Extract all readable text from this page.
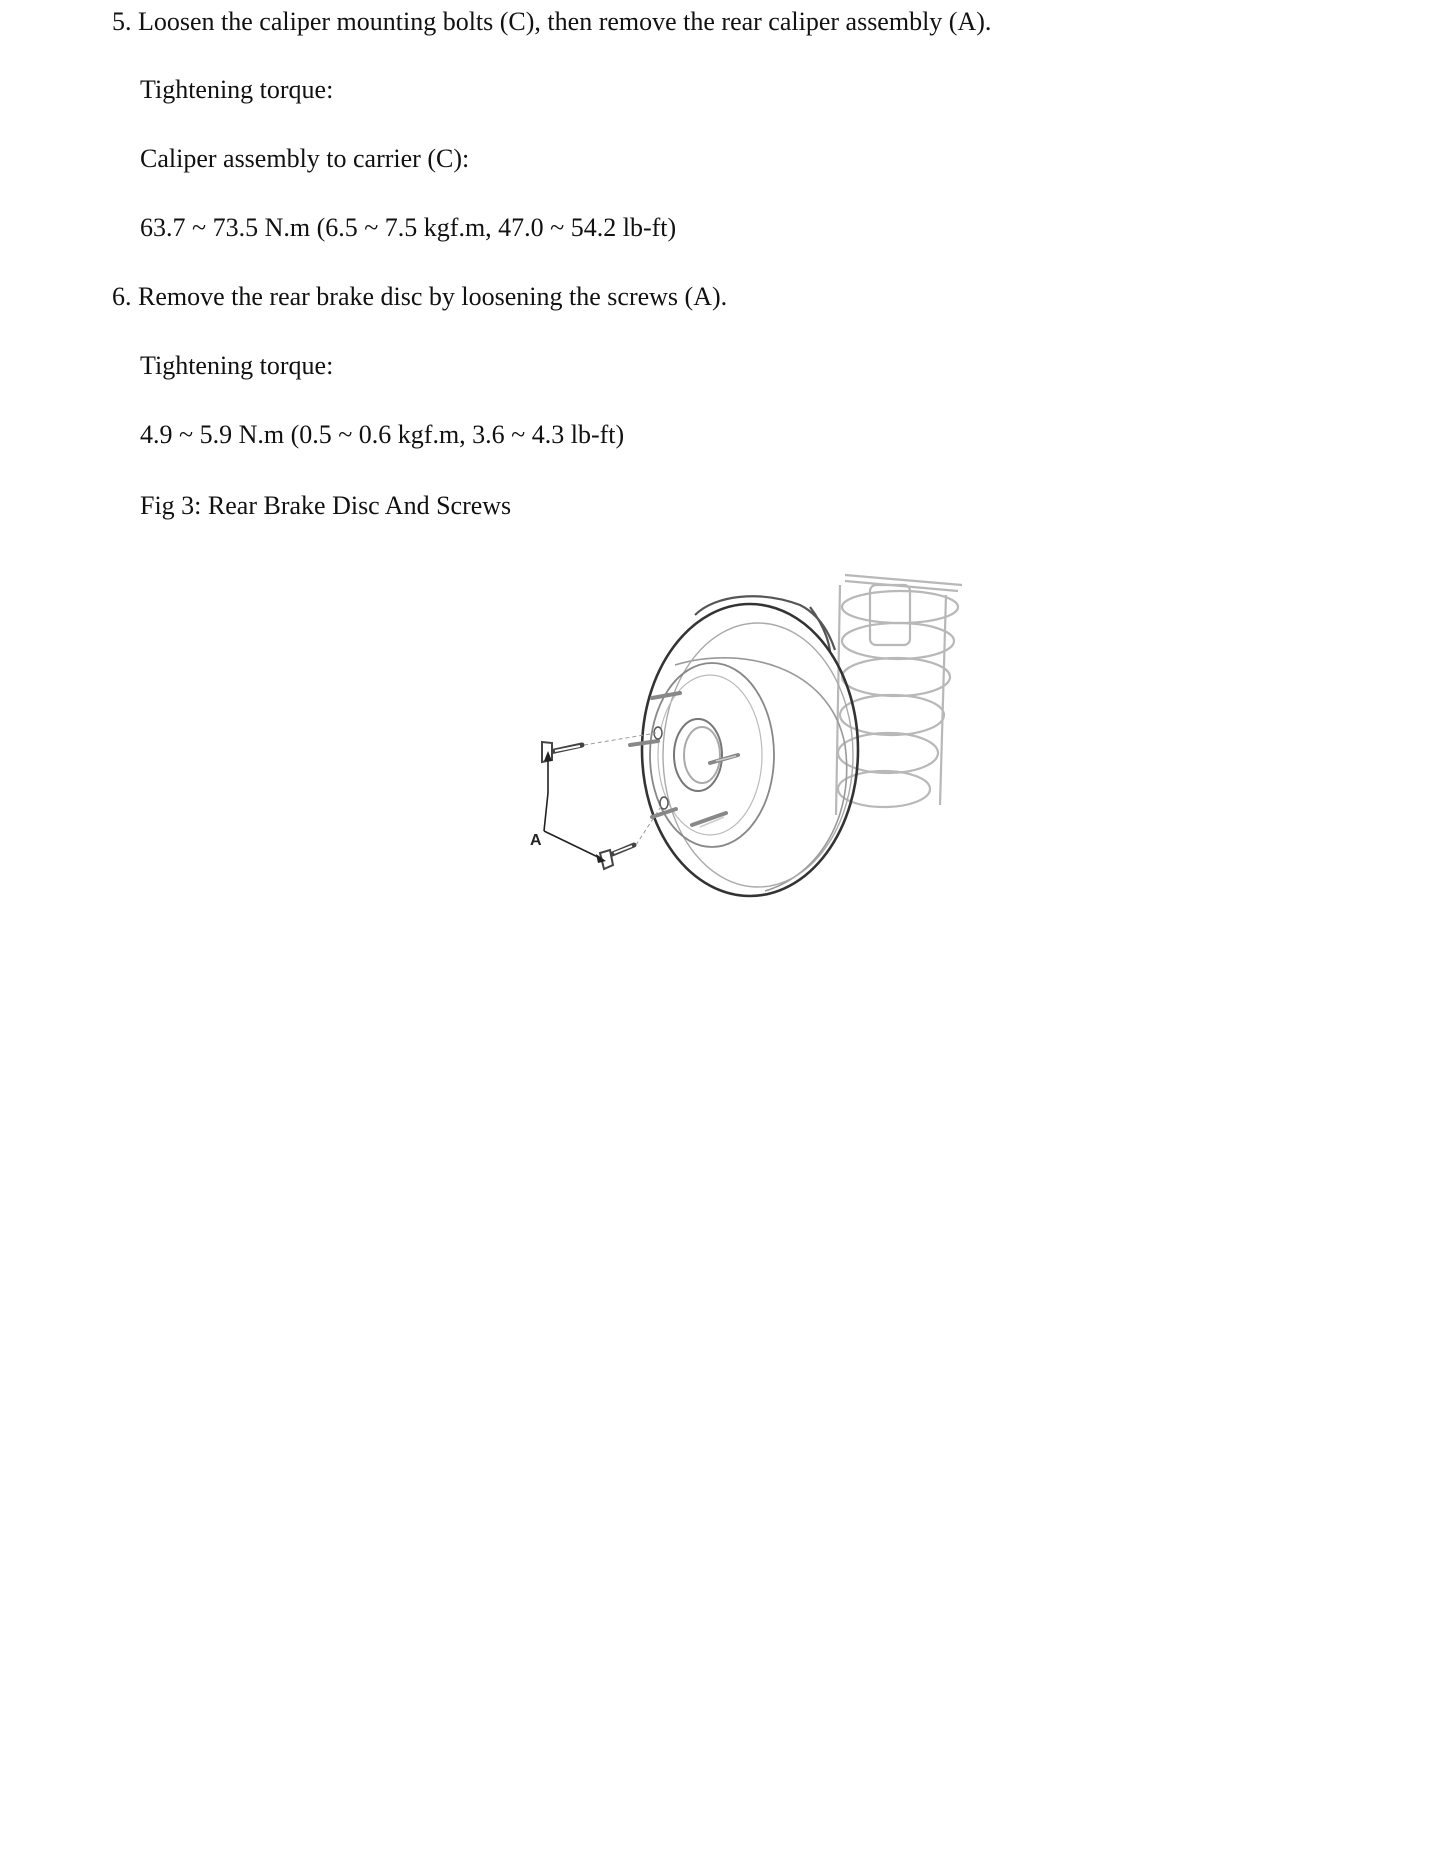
5. Loosen the caliper mounting bolts (C), then remove the rear caliper assembly (A).
Tightening torque:
Caliper assembly to carrier (C):
63.7 ~ 73.5 N.m (6.5 ~ 7.5 kgf.m, 47.0 ~ 54.2 lb-ft)
6. Remove the rear brake disc by loosening the screws (A).
Tightening torque:
4.9 ~ 5.9 N.m (0.5 ~ 0.6 kgf.m, 3.6 ~ 4.3 lb-ft)
Fig 3: Rear Brake Disc And Screws
A
